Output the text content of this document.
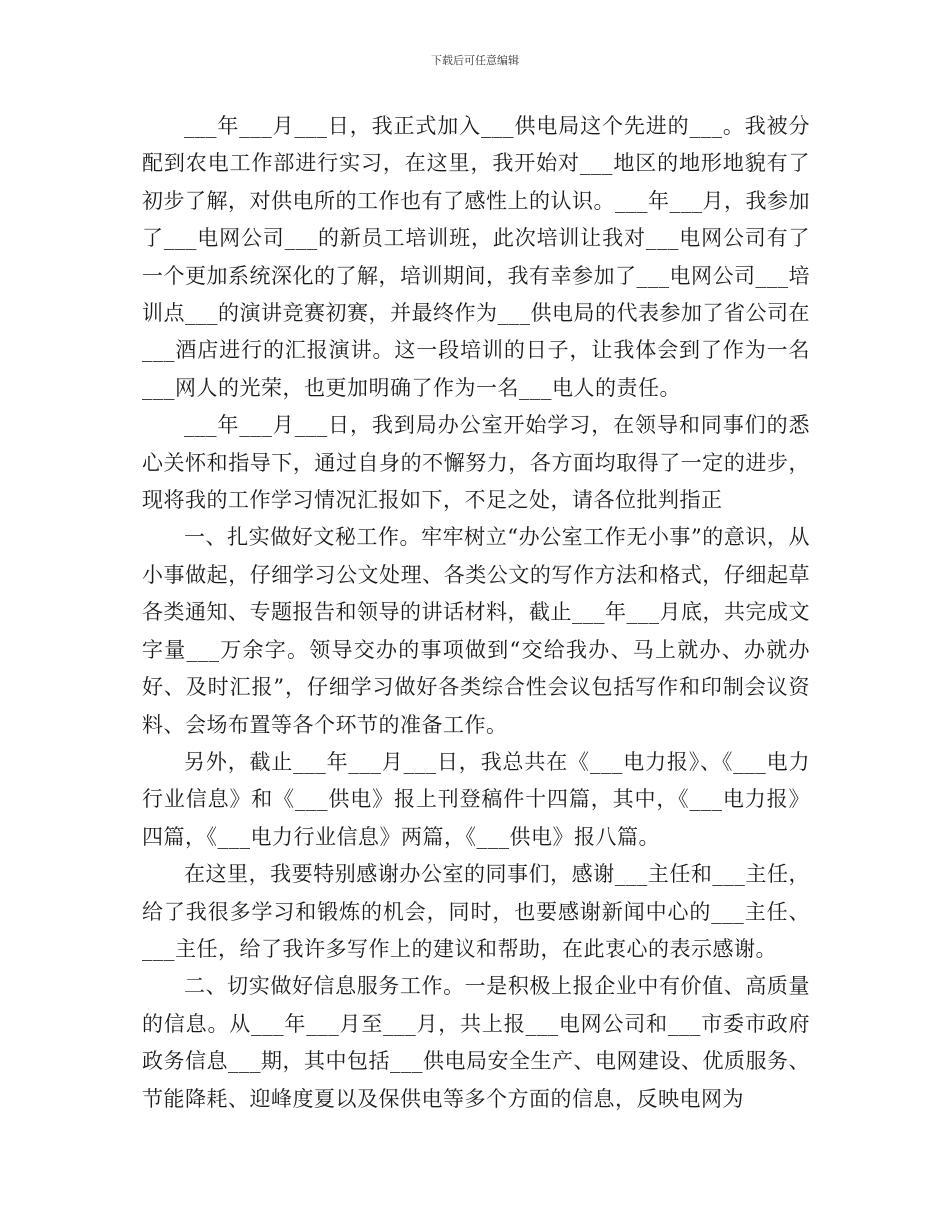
下载后可任意编辑

___年___月___日，我正式加入___供电局这个先进的___。我被分配到农电工作部进行实习，在这里，我开始对___地区的地形地貌有了初步了解，对供电所的工作也有了感性上的认识。___年___月，我参加了___电网公司___的新员工培训班，此次培训让我对___电网公司有了一个更加系统深化的了解，培训期间，我有幸参加了___电网公司___培训点___的演讲竞赛初赛，并最终作为___供电局的代表参加了省公司在___酒店进行的汇报演讲。这一段培训的日子，让我体会到了作为一名___网人的光荣，也更加明确了作为一名___电人的责任。

___年___月___日，我到局办公室开始学习，在领导和同事们的悉心关怀和指导下，通过自身的不懈努力，各方面均取得了一定的进步，现将我的工作学习情况汇报如下，不足之处，请各位批判指正

一、扎实做好文秘工作。牢牢树立“办公室工作无小事”的意识，从小事做起，仔细学习公文处理、各类公文的写作方法和格式，仔细起草各类通知、专题报告和领导的讲话材料，截止___年___月底，共完成文字量___万余字。领导交办的事项做到“交给我办、马上就办、办就办好、及时汇报”，仔细学习做好各类综合性会议包括写作和印制会议资料、会场布置等各个环节的准备工作。

另外，截止___年___月___日，我总共在《___电力报》、《___电力行业信息》和《___供电》报上刊登稿件十四篇，其中，《___电力报》四篇，《___电力行业信息》两篇，《___供电》报八篇。

在这里，我要特别感谢办公室的同事们，感谢___主任和___主任，给了我很多学习和锻炼的机会，同时，也要感谢新闻中心的___主任、___主任，给了我许多写作上的建议和帮助，在此衷心的表示感谢。

二、切实做好信息服务工作。一是积极上报企业中有价值、高质量的信息。从___年___月至___月，共上报___电网公司和___市委市政府政务信息___期，其中包括___供电局安全生产、电网建设、优质服务、节能降耗、迎峰度夏以及保供电等多个方面的信息，反映电网为
